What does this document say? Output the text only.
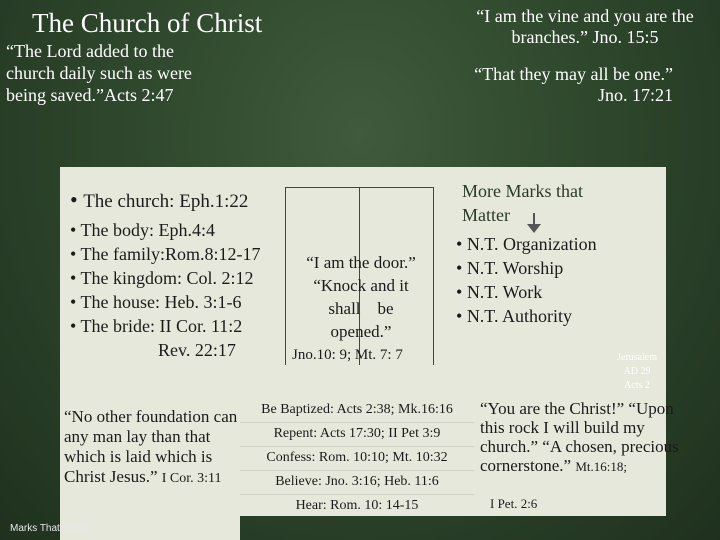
The Church of Christ
“The Lord added to the church daily such as were being saved.”Acts 2:47
“I am the vine and you are the branches.” Jno. 15:5
“That they may all be one.” Jno. 17:21
• The church: Eph.1:22
• The body: Eph.4:4
• The family:Rom.8:12-17
• The kingdom: Col. 2:12
• The house: Heb. 3:1-6
• The bride: II Cor. 11:2
Rev. 22:17
“I am the door.”
“Knock and it
shall    be
opened.”
Jno.10: 9; Mt. 7: 7
More Marks that
Matter
• N.T. Organization
• N.T. Worship
• N.T. Work
• N.T. Authority
Jerusalem
AD 29
Acts 2
“No other foundation can any man lay than that which is laid which is Christ Jesus.” I Cor. 3:11
Be Baptized: Acts 2:38; Mk.16:16
Repent: Acts 17:30; II Pet 3:9
Confess: Rom. 10:10; Mt. 10:32
Believe: Jno. 3:16; Heb. 11:6
Hear: Rom. 10: 14-15
“You are the Christ!” “Upon this rock I will build my church.” “A chosen, precious cornerstone.” Mt.16:18;
I Pet. 2:6
Marks That Matter
